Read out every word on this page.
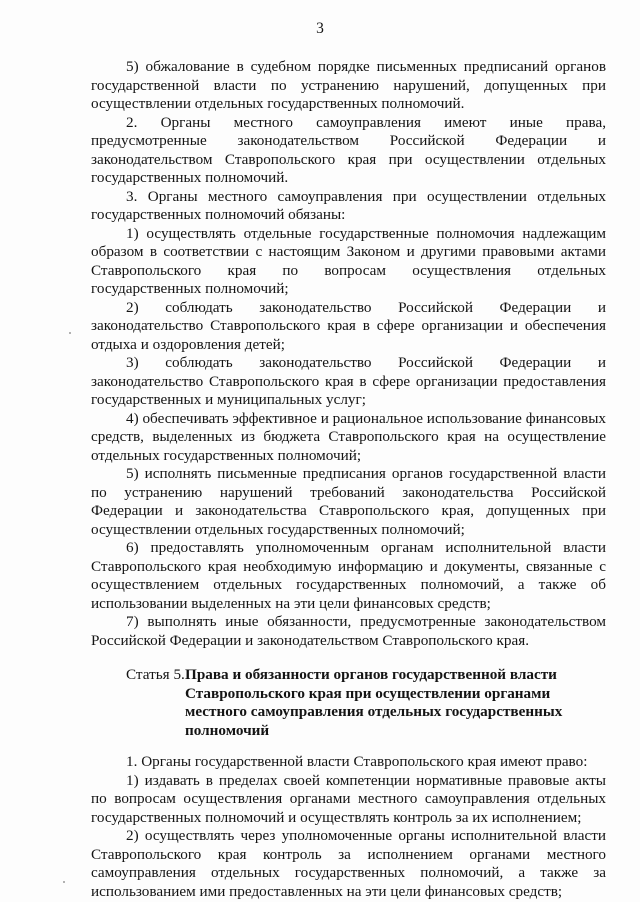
3

5) обжалование в судебном порядке письменных предписаний органов государственной власти по устранению нарушений, допущенных при осуществлении отдельных государственных полномочий.

2. Органы местного самоуправления имеют иные права, предусмотренные законодательством Российской Федерации и законодательством Ставропольского края при осуществлении отдельных государственных полномочий.

3. Органы местного самоуправления при осуществлении отдельных государственных полномочий обязаны:

1) осуществлять отдельные государственные полномочия надлежащим образом в соответствии с настоящим Законом и другими правовыми актами Ставропольского края по вопросам осуществления отдельных государственных полномочий;

2) соблюдать законодательство Российской Федерации и законодательство Ставропольского края в сфере организации и обеспечения отдыха и оздоровления детей;

3) соблюдать законодательство Российской Федерации и законодательство Ставропольского края в сфере организации предоставления государственных и муниципальных услуг;

4) обеспечивать эффективное и рациональное использование финансовых средств, выделенных из бюджета Ставропольского края на осуществление отдельных государственных полномочий;

5) исполнять письменные предписания органов государственной власти по устранению нарушений требований законодательства Российской Федерации и законодательства Ставропольского края, допущенных при осуществлении отдельных государственных полномочий;

6) предоставлять уполномоченным органам исполнительной власти Ставропольского края необходимую информацию и документы, связанные с осуществлением отдельных государственных полномочий, а также об использовании выделенных на эти цели финансовых средств;

7) выполнять иные обязанности, предусмотренные законодательством Российской Федерации и законодательством Ставропольского края.

Статья 5. Права и обязанности органов государственной власти Ставропольского края при осуществлении органами местного самоуправления отдельных государственных полномочий

1. Органы государственной власти Ставропольского края имеют право:

1) издавать в пределах своей компетенции нормативные правовые акты по вопросам осуществления органами местного самоуправления отдельных государственных полномочий и осуществлять контроль за их исполнением;

2) осуществлять через уполномоченные органы исполнительной власти Ставропольского края контроль за исполнением органами местного самоуправления отдельных государственных полномочий, а также за использованием ими предоставленных на эти цели финансовых средств;
